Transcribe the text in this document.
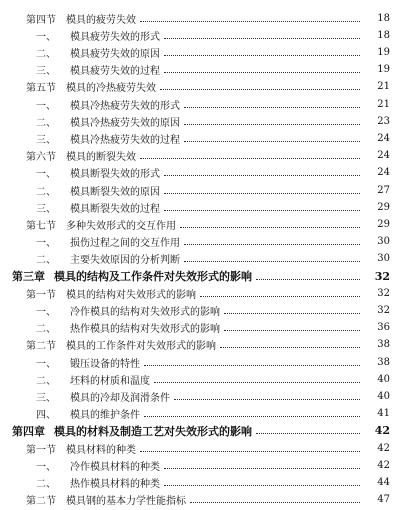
第四节	模具的疲劳失效	18
一、	模具疲劳失效的形式	18
二、	模具疲劳失效的原因	19
三、	模具疲劳失效的过程	19
第五节	模具的冷热疲劳失效	21
一、	模具冷热疲劳失效的形式	21
二、	模具冷热疲劳失效的原因	23
三、	模具冷热疲劳失效的过程	24
第六节	模具的断裂失效	24
一、	模具断裂失效的形式	24
二、	模具断裂失效的原因	27
三、	模具断裂失效的过程	29
第七节	多种失效形式的交互作用	29
一、	损伤过程之间的交互作用	30
二、	主要失效原因的分析判断	30
第三章 模具的结构及工作条件对失效形式的影响	32
第一节	模具的结构对失效形式的影响	32
一、	冷作模具的结构对失效形式的影响	32
二、	热作模具的结构对失效形式的影响	36
第二节	模具的工作条件对失效形式的影响	38
一、	锻压设备的特性	38
二、	坯料的材质和温度	40
三、	模具的冷却及润滑条件	40
四、	模具的维护条件	41
第四章 模具的材料及制造工艺对失效形式的影响	42
第一节	模具材料的种类	42
一、	冷作模具材料的种类	42
二、	热作模具材料的种类	44
第二节	模具钢的基本力学性能指标	47
